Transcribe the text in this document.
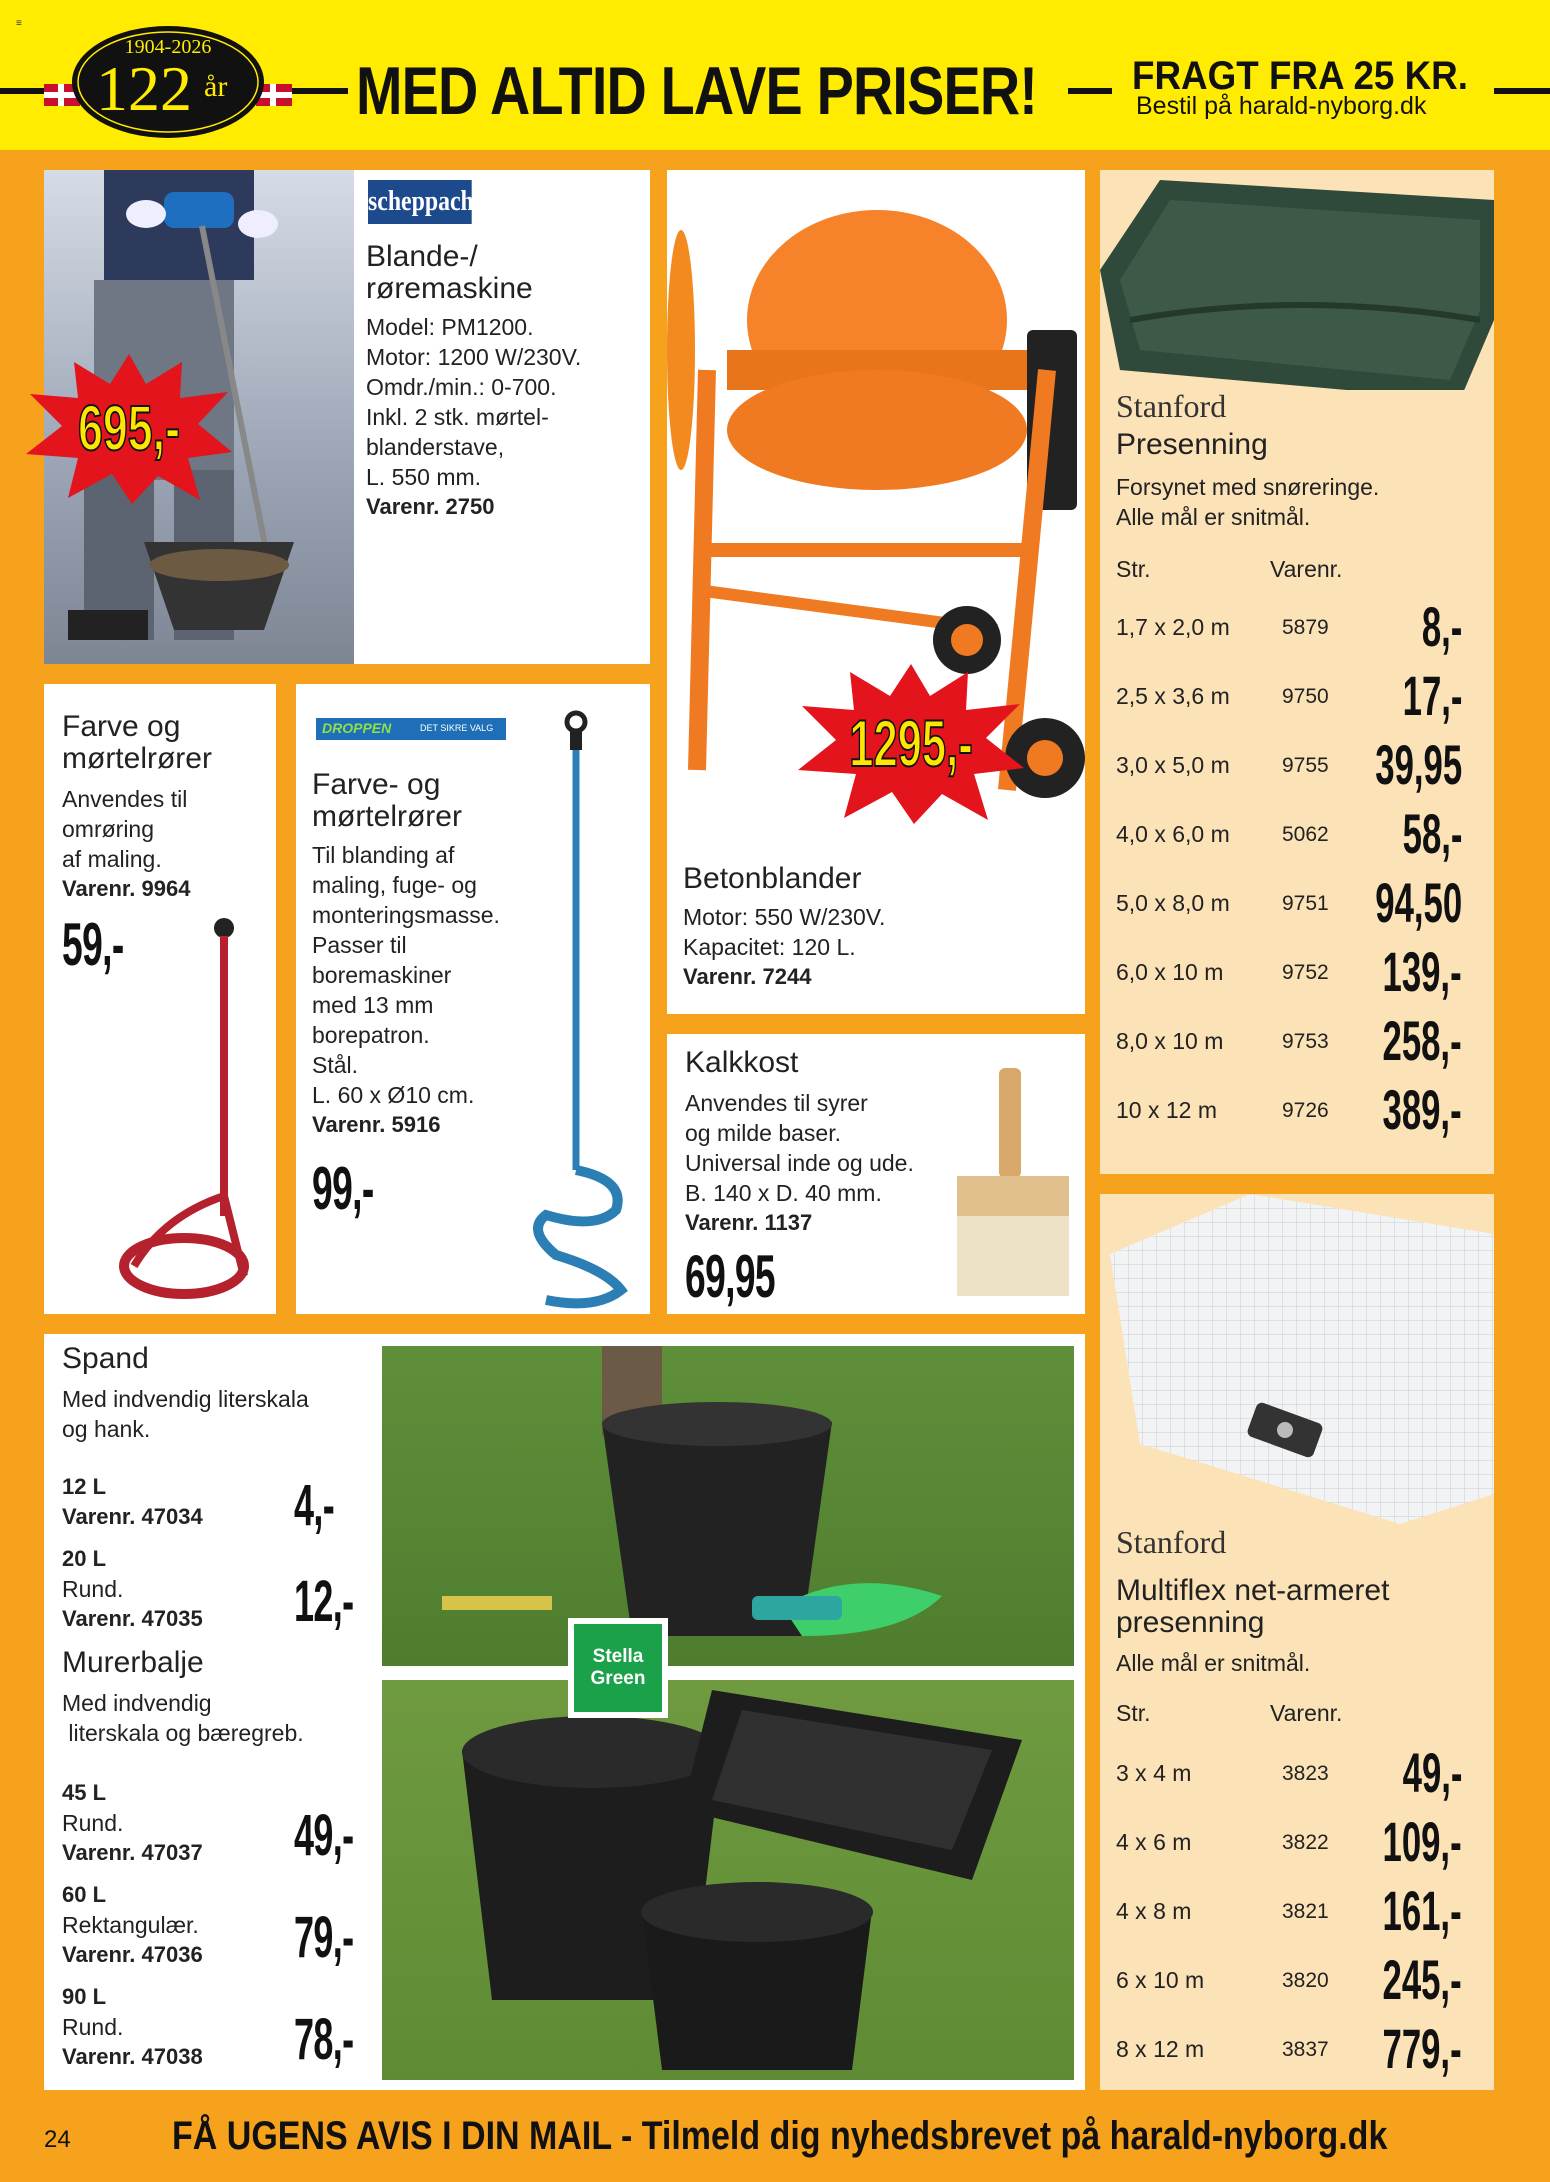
≡
1904-2026
122 år MED ALTID LAVE PRISER! FRAGT FRA 25 KR.
Bestil på harald-nyborg.dk
scheppach
Blande-/
røremaskine
Model: PM1200.
Motor: 1200 W/230V.
Omdr./min.: 0-700.
Inkl. 2 stk. mørtel-
blanderstave,
L. 550 mm.
Varenr. 2750
695,-
Betonblander
Motor: 550 W/230V.
Kapacitet: 120 L.
Varenr. 7244
1295,-
Stanford
Presenning
Forsynet med snøreringe.
Alle mål er snitmål.
Str.	Varenr.
1,7 x 2,0 m 5879 8,-
2,5 x 3,6 m 9750 17,-
3,0 x 5,0 m 9755 39,95
4,0 x 6,0 m 5062 58,-
5,0 x 8,0 m 9751 94,50
6,0 x 10 m	9752 139,-
8,0 x 10 m	9753 258,-
10 x 12 m	9726 389,-
Farve og
mørtelrører
Anvendes til
omrøring
af maling.
Varenr. 9964
59,-
DROPPEN	DET SIKRE VALG
Farve- og
mørtelrører
Til blanding af
maling, fuge- og
monteringsmasse.
Passer til
boremaskiner
med 13 mm
borepatron.
Stål.
L. 60 x Ø10 cm.
Varenr. 5916
99,-
Kalkkost
Anvendes til syrer
og milde baser.
Universal inde og ude.
B. 140 x D. 40 mm.
Varenr. 1137
69,95
Stanford
Multiflex net-armeret
presenning
Alle mål er snitmål.
Str.	Varenr.
3 x 4 m	3823 49,-
4 x 6 m	3822 109,-
4 x 8 m	3821 161,-
6 x 10 m	3820 245,-
8 x 12 m	3837 779,-
Spand
Med indvendig literskala
og hank.
12 L
Varenr. 47034	4,-
20 L
Rund.
Varenr. 47035	12,-
Murerbalje
Med indvendig
literskala og bæregreb.
45 L
Rund.
Varenr. 47037	49,-
60 L
Rektangulær.
Varenr. 47036	79,-
90 L
Rund.
Varenr. 47038	78,-
Stella
Green
24	FÅ UGENS AVIS I DIN MAIL - Tilmeld dig nyhedsbrevet på harald-nyborg.dk
